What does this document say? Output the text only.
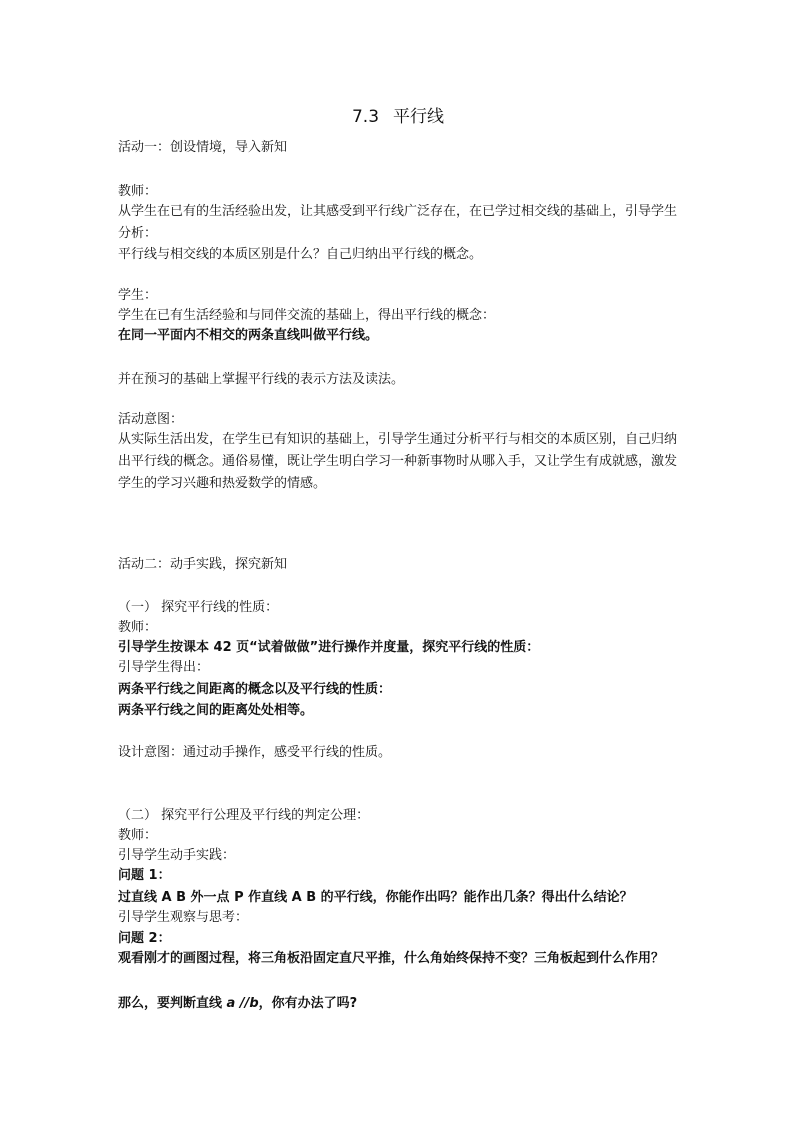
7.3 平行线
活动一：创设情境，导入新知
教师：
从学生在已有的生活经验出发，让其感受到平行线广泛存在，在已学过相交线的基础上，引导学生分析：
平行线与相交线的本质区别是什么？自己归纳出平行线的概念。
学生：
学生在已有生活经验和与同伴交流的基础上，得出平行线的概念：
在同一平面内不相交的两条直线叫做平行线。
并在预习的基础上掌握平行线的表示方法及读法。
活动意图：
从实际生活出发，在学生已有知识的基础上，引导学生通过分析平行与相交的本质区别，自己归纳出平行线的概念。通俗易懂，既让学生明白学习一种新事物时从哪入手，又让学生有成就感，激发学生的学习兴趣和热爱数学的情感。
活动二：动手实践，探究新知
（一） 探究平行线的性质：
教师：
引导学生按课本 42 页“试着做做”进行操作并度量，探究平行线的性质：
引导学生得出：
两条平行线之间距离的概念以及平行线的性质：
两条平行线之间的距离处处相等。
设计意图：通过动手操作，感受平行线的性质。
（二） 探究平行公理及平行线的判定公理：
教师：
引导学生动手实践：
问题 1：
过直线 A B 外一点 P 作直线 A B 的平行线，你能作出吗？能作出几条？得出什么结论？
引导学生观察与思考：
问题 2：
观看刚才的画图过程，将三角板沿固定直尺平推，什么角始终保持不变？三角板起到什么作用？
那么，要判断直线 a //b，你有办法了吗?
